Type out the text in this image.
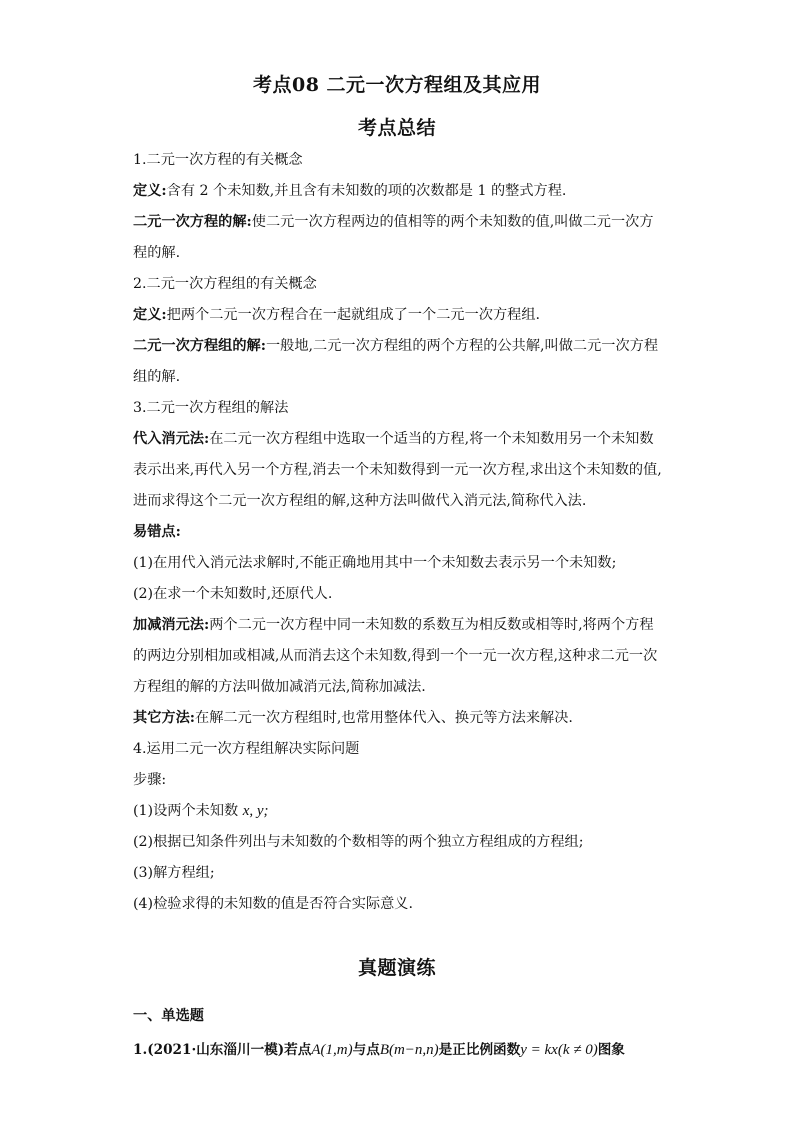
考点08 二元一次方程组及其应用
考点总结
1.二元一次方程的有关概念
定义:含有 2 个未知数,并且含有未知数的项的次数都是 1 的整式方程.
二元一次方程的解:使二元一次方程两边的值相等的两个未知数的值,叫做二元一次方
程的解.
2.二元一次方程组的有关概念
定义:把两个二元一次方程合在一起就组成了一个二元一次方程组.
二元一次方程组的解:一般地,二元一次方程组的两个方程的公共解,叫做二元一次方程
组的解.
3.二元一次方程组的解法
代入消元法:在二元一次方程组中选取一个适当的方程,将一个未知数用另一个未知数
表示出来,再代入另一个方程,消去一个未知数得到一元一次方程,求出这个未知数的值,
进而求得这个二元一次方程组的解,这种方法叫做代入消元法,简称代入法.
易错点:
(1)在用代入消元法求解时,不能正确地用其中一个未知数去表示另一个未知数;
(2)在求一个未知数时,还原代人.
加减消元法:两个二元一次方程中同一未知数的系数互为相反数或相等时,将两个方程
的两边分别相加或相减,从而消去这个未知数,得到一个一元一次方程,这种求二元一次
方程组的解的方法叫做加减消元法,简称加减法.
其它方法:在解二元一次方程组时,也常用整体代入、换元等方法来解决.
4.运用二元一次方程组解决实际问题
步骤:
(1)设两个未知数 x, y;
(2)根据已知条件列出与未知数的个数相等的两个独立方程组成的方程组;
(3)解方程组;
(4)检验求得的未知数的值是否符合实际意义.
真题演练
一、单选题
1.(2021·山东淄川一模)若点A(1,m)与点B(m−n,n)是正比例函数y = kx(k ≠ 0)图象
